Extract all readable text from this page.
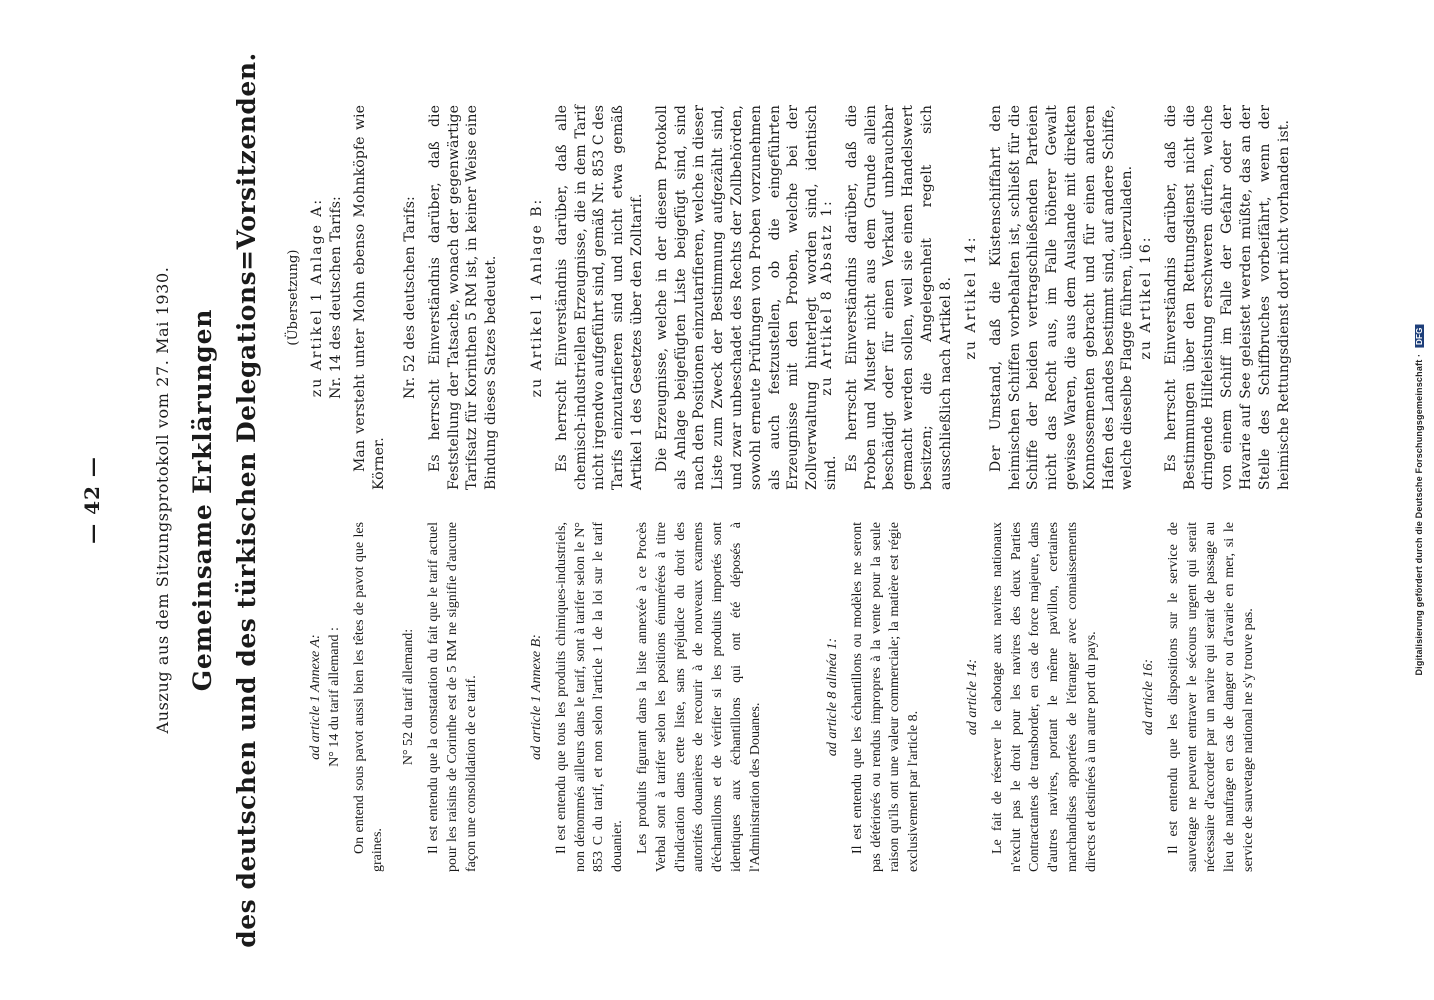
— 42 —	Auszug aus dem Sitzungsprotokoll vom 27. Mai 1930. Gemeinsame Erklärungen des deutschen und des türkischen Delegations=Vorsitzenden.	ad article 1 Annexe A: N° 14 du tarif allemand : On entend sous pavot aussi bien les têtes de pavot que les graines.

N° 52 du tarif allemand: Il est entendu que la constatation du fait que le tarif actuel pour les raisins de Corinthe est de 5 RM ne signifie d'aucune façon une consolidation de ce tarif.	ad article 1 Annexe B: Il est entendu que tous les produits chimiques-industriels, non dénommés ailleurs dans le tarif, sont à tarifer selon le N° 853 C du tarif, et non selon l'article 1 de la loi sur le tarif douanier. Les produits figurant dans la liste annexée à ce Procès Verbal sont à tarifer selon les positions énumérées à titre d'indication dans cette liste, sans préjudice du droit des autorités douanières de recourir à de nouveaux examens d'échantillons et de vérifier si les produits importés sont identiques aux échantillons qui ont été déposés à l'Administration des Douanes.

ad article 8 alinéa 1: Il est entendu que les échantillons ou modèles ne seront pas détériorés ou rendus impropres à la vente pour la seule raison qu'ils ont une valeur commerciale; la matière est régie exclusivement par l'article 8.

ad article 14: Le fait de réserver le cabotage aux navires nationaux n'exclut pas le droit pour les navires des deux Parties Contractantes de transborder, en cas de force majeure, dans d'autres navires, portant le même pavillon, certaines marchandises apportées de l'étranger avec connaissements directs et destinées à un autre port du pays.	ad article 16: Il est entendu que les dispositions sur le service de sauvetage ne peuvent entraver le sécours urgent qui serait nécessaire d'accorder par un navire qui serait de passage au lieu de naufrage en cas de danger ou d'avarie en mer, si le service de sauvetage national ne s'y trouve pas.

(Übersetzung) zu Artikel 1 Anlage A: Nr. 14 des deutschen Tarifs: Man versteht unter Mohn ebenso Mohnköpfe wie Körner.

Nr. 52 des deutschen Tarifs: Es herrscht Einverständnis darüber, daß die Feststellung der Tatsache, wonach der gegenwärtige Tarifsatz für Korinthen 5 RM ist, in keiner Weise eine Bindung dieses Satzes bedeutet. zu Artikel 1 Anlage B: Es herrscht Einverständnis darüber, daß alle chemisch-industriellen Erzeugnisse, die in dem Tarif nicht irgendwo aufgeführt sind, gemäß Nr. 853 C des Tarifs einzutarifieren sind und nicht etwa gemäß Artikel 1 des Gesetzes über den Zolltarif. Die Erzeugnisse, welche in der diesem Protokoll als Anlage beigefügten Liste beigefügt sind, sind nach den Positionen einzutarifieren, welche in dieser Liste zum Zweck der Bestimmung aufgezählt sind, und zwar unbeschadet des Rechts der Zollbehörden, sowohl erneute Prüfungen von Proben vorzunehmen als auch festzustellen, ob die eingeführten Erzeugnisse mit den Proben, welche bei der Zollverwaltung hinterlegt worden sind, identisch sind.

zu Artikel 8 Absatz 1: Es herrscht Einverständnis darüber, daß die Proben und Muster nicht aus dem Grunde allein beschädigt oder für einen Verkauf unbrauchbar gemacht werden sollen, weil sie einen Handelswert besitzen; die Angelegenheit regelt sich ausschließlich nach Artikel 8. zu Artikel 14: Der Umstand, daß die Küstenschiffahrt den heimischen Schiffen vorbehalten ist, schließt für die Schiffe der beiden vertragschließenden Parteien nicht das Recht aus, im Falle höherer Gewalt gewisse Waren, die aus dem Auslande mit direkten Konnossementen gebracht und für einen anderen Hafen des Landes bestimmt sind, auf andere Schiffe, welche dieselbe Flagge führen, überzuladen. zu Artikel 16: Es herrscht Einverständnis darüber, daß die Bestimmungen über den Rettungsdienst nicht die dringende Hilfeleistung erschweren dürfen, welche von einem Schiff im Falle der Gefahr oder der Havarie auf See geleistet werden müßte, das an der Stelle des Schiffbruches vorbeifährt, wenn der heimische Rettungsdienst dort nicht vorhanden ist.

Digitalisierung gefördert durch die Deutsche Forschungsgemeinschaft · DFG
